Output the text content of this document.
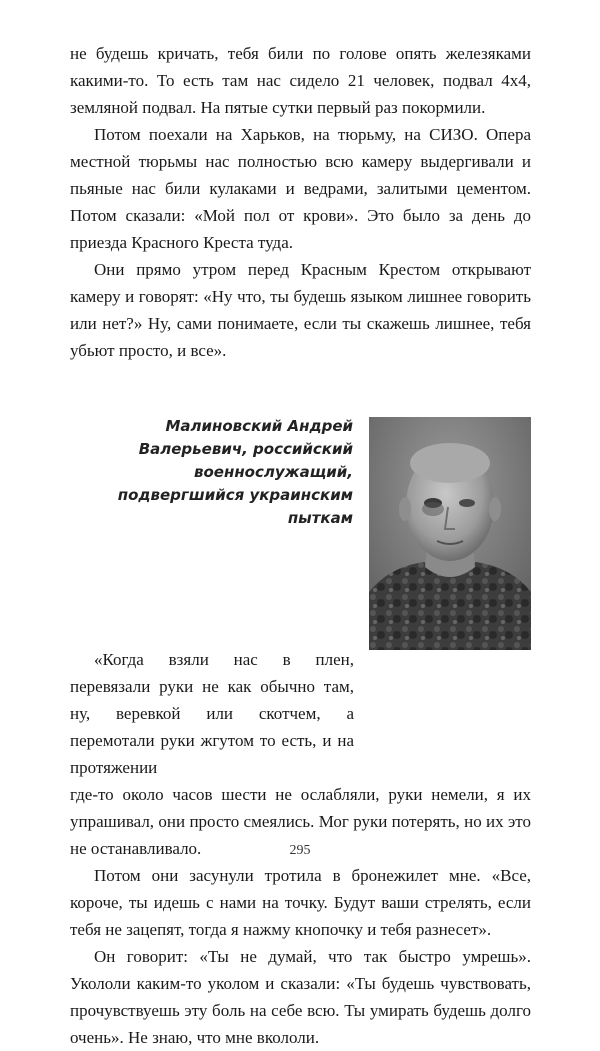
не будешь кричать, тебя били по голове опять железяками какими-то. То есть там нас сидело 21 человек, подвал 4х4, земляной подвал. На пятые сутки первый раз покормили.

Потом поехали на Харьков, на тюрьму, на СИЗО. Опера местной тюрьмы нас полностью всю камеру выдергивали и пьяные нас били кулаками и ведрами, залитыми цементом. Потом сказали: «Мой пол от крови». Это было за день до приезда Красного Креста туда.

Они прямо утром перед Красным Крестом открывают камеру и говорят: «Ну что, ты будешь языком лишнее говорить или нет?» Ну, сами понимаете, если ты скажешь лишнее, тебя убьют просто, и все».

Малиновский Андрей
Валерьевич, российский
военнослужащий,
подвергшийся украинским
пыткам

«Когда взяли нас в плен, перевязали руки не как обычно там, ну, веревкой или скотчем, а перемотали руки жгутом то есть, и на протяжении

где-то около часов шести не ослабляли, руки немели, я их упрашивал, они просто смеялись. Мог руки потерять, но их это не останавливало.

Потом они засунули тротила в бронежилет мне. «Все, короче, ты идешь с нами на точку. Будут ваши стрелять, если тебя не зацепят, тогда я нажму кнопочку и тебя разнесет».

Он говорит: «Ты не думай, что так быстро умрешь». Укололи каким-то уколом и сказали: «Ты будешь чувствовать, прочувствуешь эту боль на себе всю. Ты умирать будешь долго очень». Не знаю, что мне вкололи.

295
